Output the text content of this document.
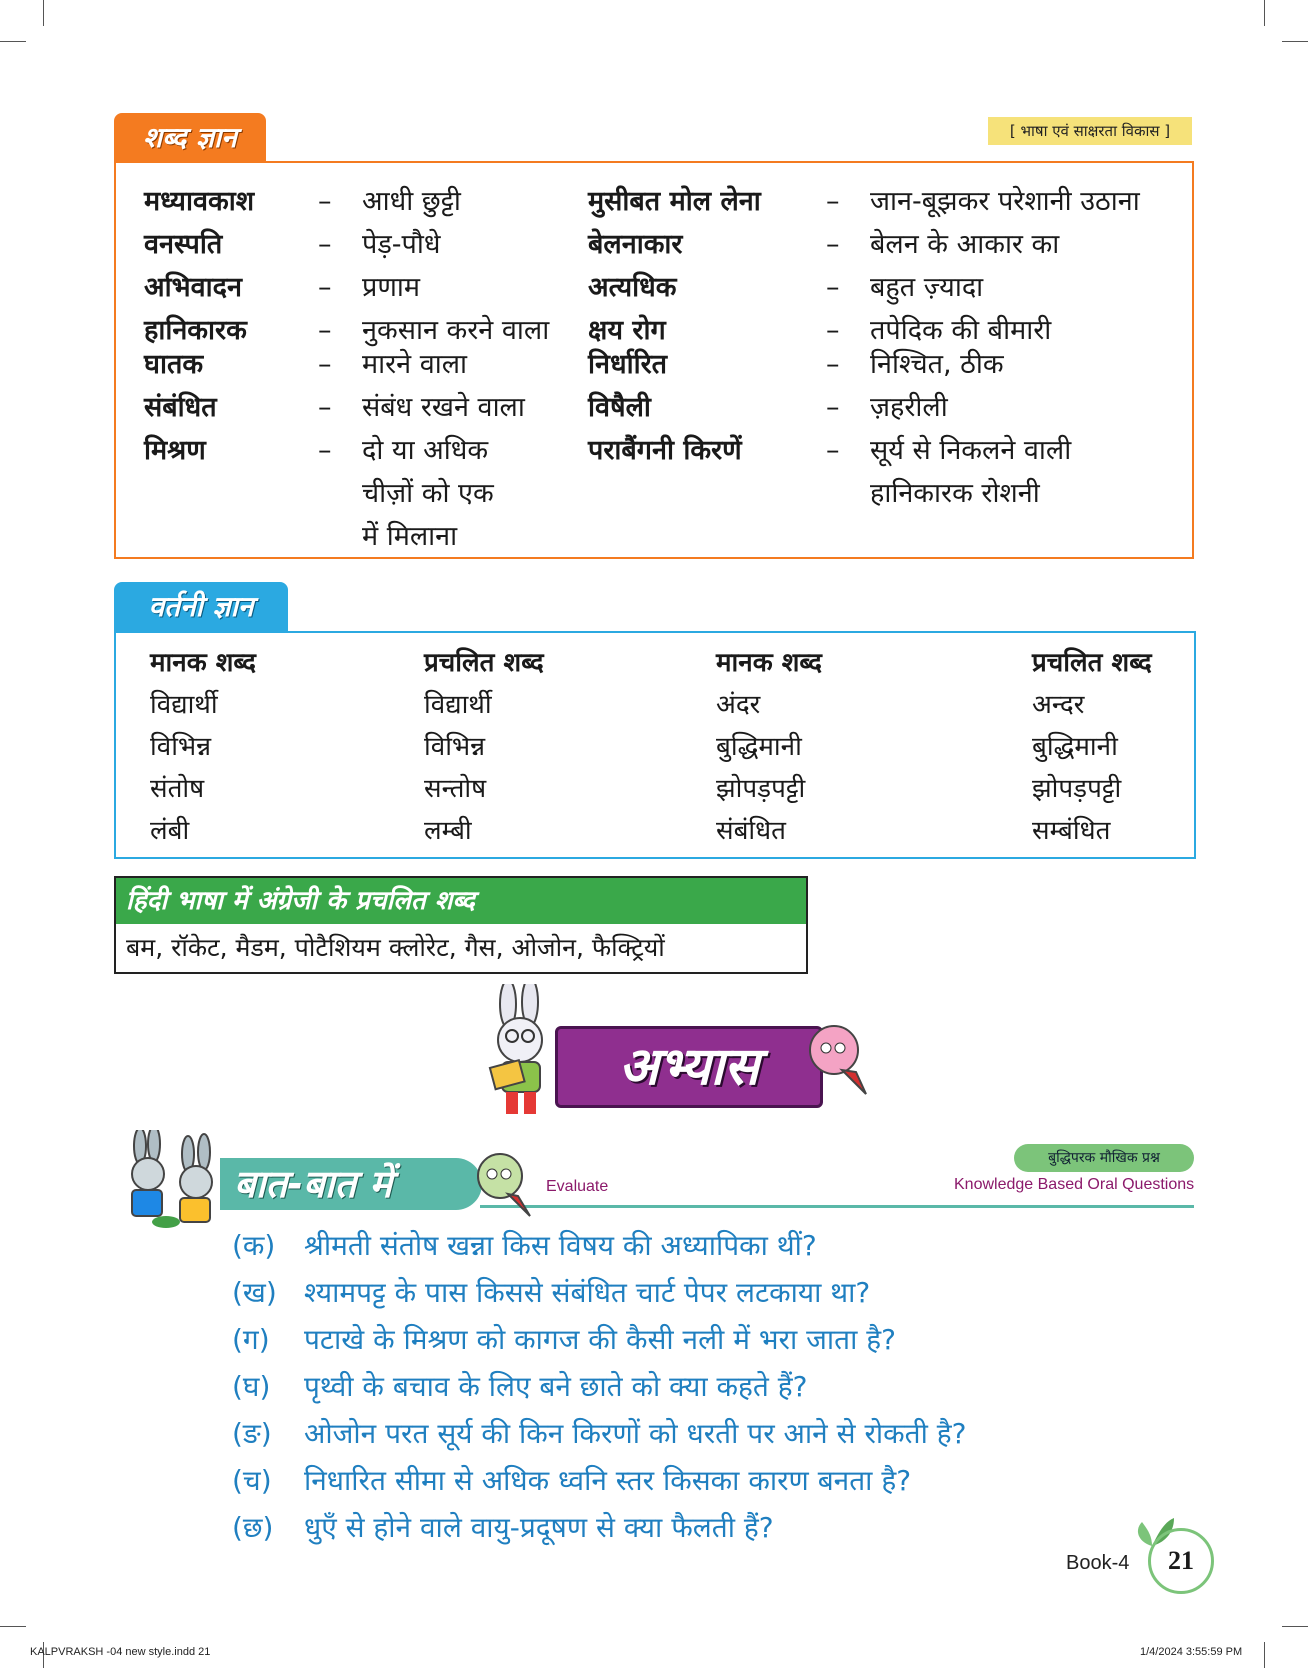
शब्द ज्ञान	[ भाषा एवं साक्षरता विकास ]
मध्यावकाश	– आधी छुट्टी
वनस्पति	– पेड़-पौधे
अभिवादन	– प्रणाम
हानिकारक	– नुकसान करने वाला
घातक	– मारने वाला
संबंधित	– संबंध रखने वाला
मिश्रण	– दो या अधिक
चीज़ों को एक
में मिलाना
मुसीबत मोल लेना – जान-बूझकर परेशानी उठाना
बेलनाकार	– बेलन के आकार का
अत्यधिक	– बहुत ज़्यादा
क्षय रोग	– तपेदिक की बीमारी
निर्धारित	– निश्चित, ठीक
विषैली	– ज़हरीली
पराबैंगनी किरणें	– सूर्य से निकलने वाली
हानिकारक रोशनी
वर्तनी ज्ञान
मानक शब्द	प्रचलित शब्द	मानक शब्द	प्रचलित शब्द
विद्यार्थी	विद्यार्थी	अंदर	अन्दर
विभिन्न	विभिन्न	बुद्धिमानी	बुद्धिमानी
संतोष	सन्तोष	झोपड़पट्टी	झोपड़पट्टी
लंबी	लम्बी	संबंधित	सम्बंधित
हिंदी भाषा में अंग्रेजी के प्रचलित शब्द
बम, रॉकेट, मैडम, पोटैशियम क्लोरेट, गैस, ओजोन, फैक्ट्रियों
अभ्यास
बात-बात में	Evaluate
बुद्धिपरक मौखिक प्रश्न
Knowledge Based Oral Questions
(क) श्रीमती संतोष खन्ना किस विषय की अध्यापिका थीं?
(ख) श्यामपट्ट के पास किससे संबंधित चार्ट पेपर लटकाया था?
(ग) पटाखे के मिश्रण को कागज की कैसी नली में भरा जाता है?
(घ) पृथ्वी के बचाव के लिए बने छाते को क्या कहते हैं?
(ङ) ओजोन परत सूर्य की किन किरणों को धरती पर आने से रोकती है?
(च) निधारित सीमा से अधिक ध्वनि स्तर किसका कारण बनता है?
(छ) धुएँ से होने वाले वायु-प्रदूषण से क्या फैलती हैं?
Book-4	21
KALPVRAKSH -04 new style.indd 21	1/4/2024 3:55:59 PM
